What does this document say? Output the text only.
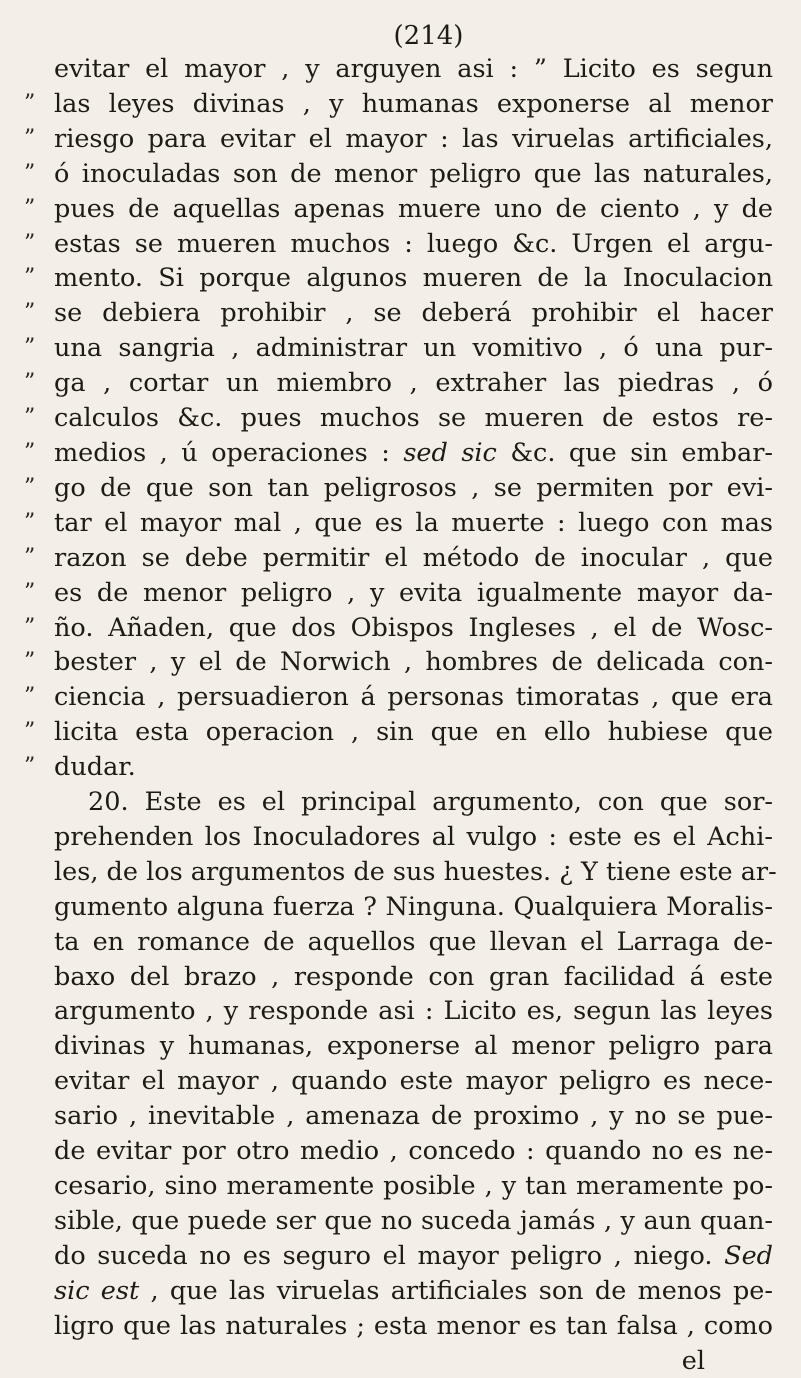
(214)
evitar el mayor , y arguyen asi : ” Licito es segun
” las leyes divinas , y humanas exponerse al menor
” riesgo para evitar el mayor : las viruelas artificiales,
” ó inoculadas son de menor peligro que las naturales,
” pues de aquellas apenas muere uno de ciento , y de
” estas se mueren muchos : luego &c. Urgen el argu-
” mento. Si porque algunos mueren de la Inoculacion
” se debiera prohibir , se deberá prohibir el hacer
” una sangria , administrar un vomitivo , ó una pur-
” ga , cortar un miembro , extraher las piedras , ó
” calculos &c. pues muchos se mueren de estos re-
” medios , ú operaciones : sed sic &c. que sin embar-
” go de que son tan peligrosos , se permiten por evi-
” tar el mayor mal , que es la muerte : luego con mas
” razon se debe permitir el método de inocular , que
” es de menor peligro , y evita igualmente mayor da-
” ño. Añaden, que dos Obispos Ingleses , el de Wosc-
” bester , y el de Norwich , hombres de delicada con-
” ciencia , persuadieron á personas timoratas , que era
” licita esta operacion , sin que en ello hubiese que
” dudar.
20. Este es el principal argumento, con que sor-
prehenden los Inoculadores al vulgo : este es el Achi-
les, de los argumentos de sus huestes. ¿ Y tiene este ar-
gumento alguna fuerza ? Ninguna. Qualquiera Moralis-
ta en romance de aquellos que llevan el Larraga de-
baxo del brazo , responde con gran facilidad á este
argumento , y responde asi : Licito es, segun las leyes
divinas y humanas, exponerse al menor peligro para
evitar el mayor , quando este mayor peligro es nece-
sario , inevitable , amenaza de proximo , y no se pue-
de evitar por otro medio , concedo : quando no es ne-
cesario, sino meramente posible , y tan meramente po-
sible, que puede ser que no suceda jamás , y aun quan-
do suceda no es seguro el mayor peligro , niego. Sed
sic est , que las viruelas artificiales son de menos pe-
ligro que las naturales ; esta menor es tan falsa , como
el
